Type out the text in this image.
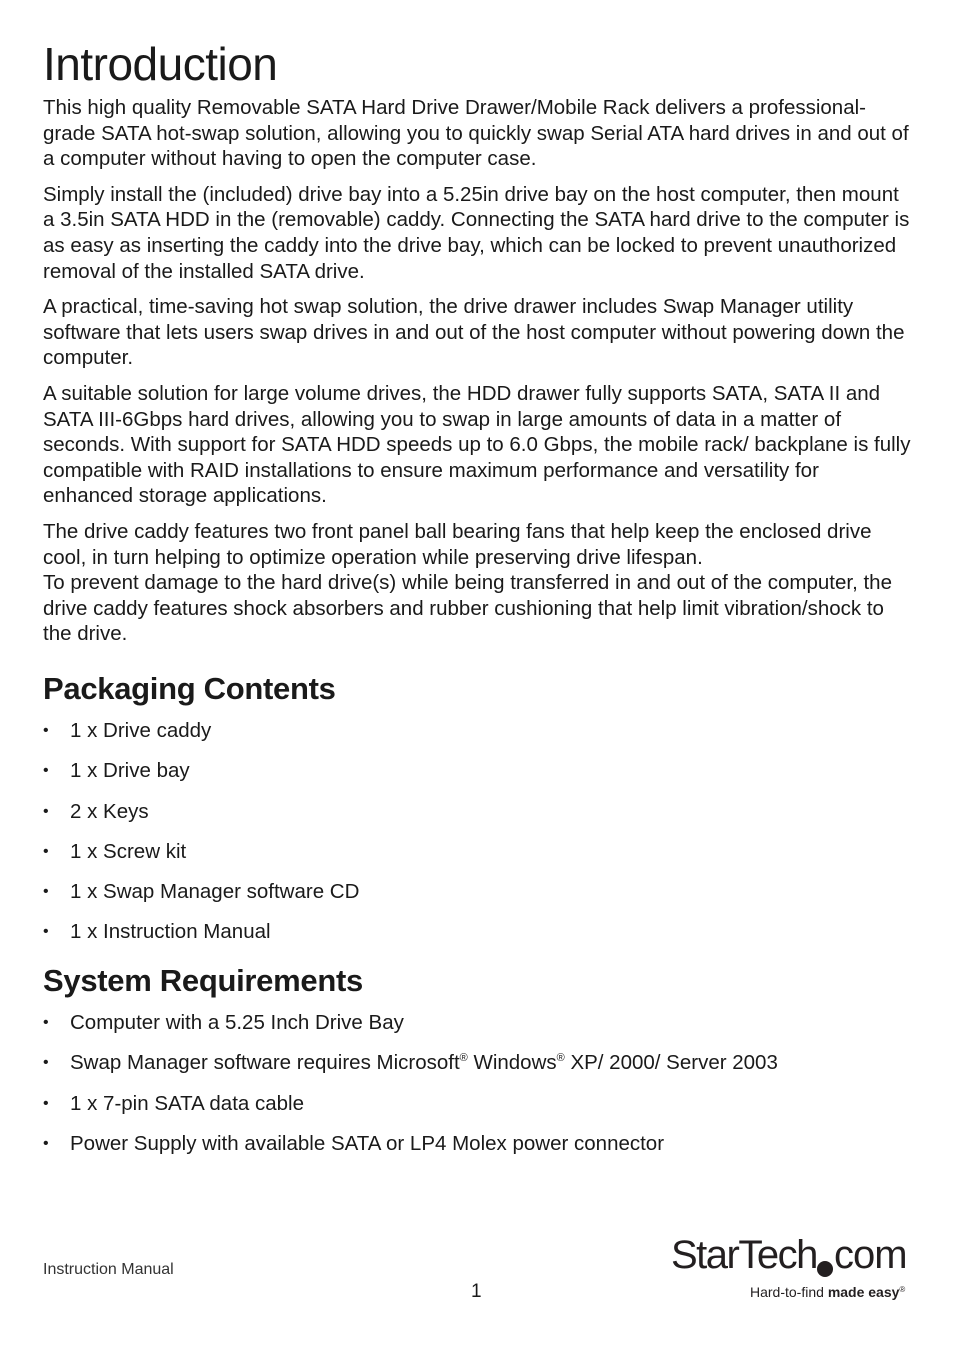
Introduction

This high quality Removable SATA Hard Drive Drawer/Mobile Rack delivers a professional-grade SATA hot-swap solution, allowing you to quickly swap Serial ATA hard drives in and out of a computer without having to open the computer case.

Simply install the (included) drive bay into a 5.25in drive bay on the host computer, then mount a 3.5in SATA HDD in the (removable) caddy. Connecting the SATA hard drive to the computer is as easy as inserting the caddy into the drive bay, which can be locked to prevent unauthorized removal of the installed SATA drive.

A practical, time-saving hot swap solution, the drive drawer includes Swap Manager utility software that lets users swap drives in and out of the host computer without powering down the computer.

A suitable solution for large volume drives, the HDD drawer fully supports SATA, SATA II and SATA III-6Gbps hard drives, allowing you to swap in large amounts of data in a matter of seconds. With support for SATA HDD speeds up to 6.0 Gbps, the mobile rack/ backplane is fully compatible with RAID installations to ensure maximum performance and versatility for enhanced storage applications.

The drive caddy features two front panel ball bearing fans that help keep the enclosed drive cool, in turn helping to optimize operation while preserving drive lifespan.

To prevent damage to the hard drive(s) while being transferred in and out of the computer, the drive caddy features shock absorbers and rubber cushioning that help limit vibration/shock to the drive.

Packaging Contents
• 1 x Drive caddy
• 1 x Drive bay
• 2 x Keys
• 1 x Screw kit
• 1 x Swap Manager software CD
• 1 x Instruction Manual
System Requirements
• Computer with a 5.25 Inch Drive Bay
• Swap Manager software requires Microsoft® Windows® XP/ 2000/ Server 2003
• 1 x 7-pin SATA data cable
• Power Supply with available SATA or LP4 Molex power connector
Instruction Manual
1
StarTech com
Hard-to-find made easy®
